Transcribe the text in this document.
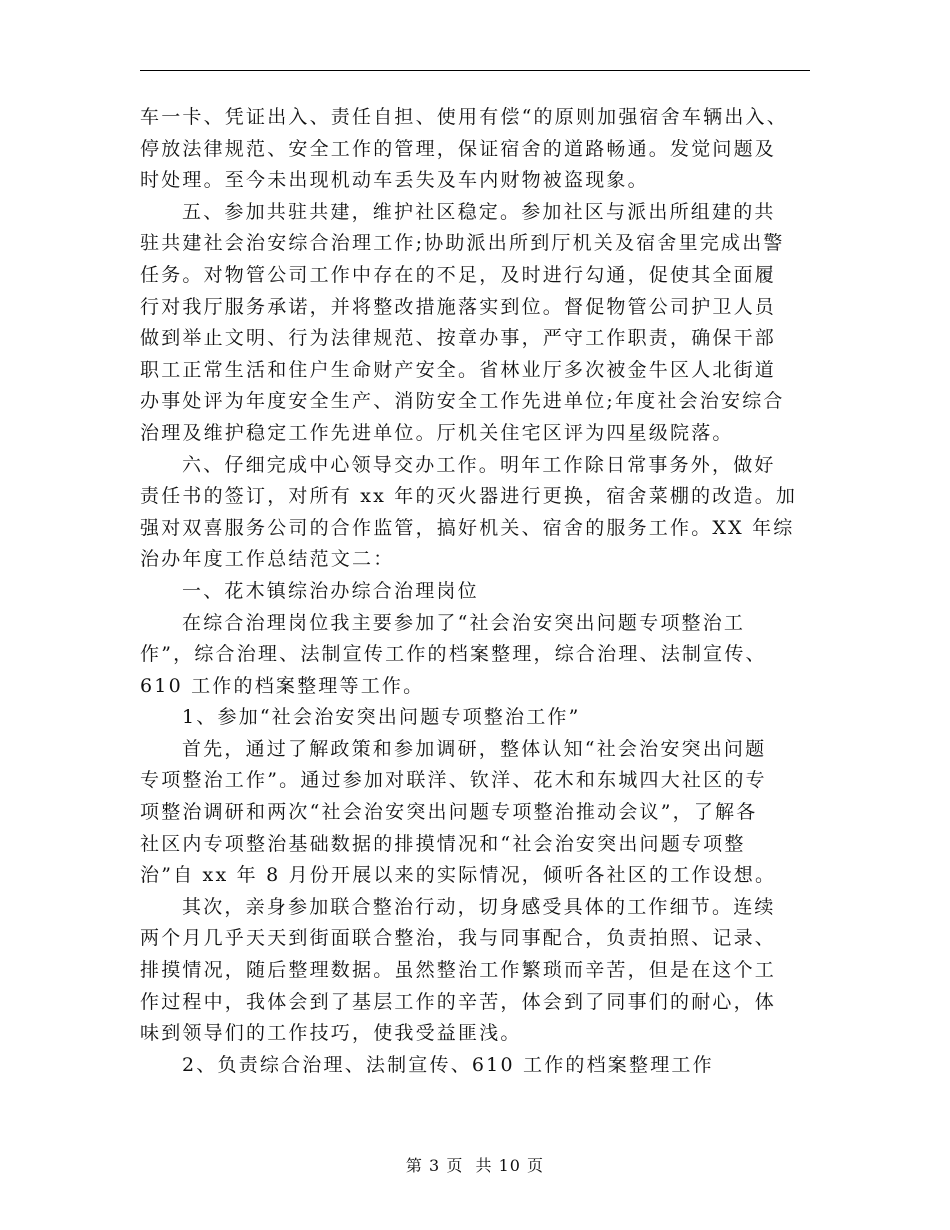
车一卡、凭证出入、责任自担、使用有偿“的原则加强宿舍车辆出入、
停放法律规范、安全工作的管理，保证宿舍的道路畅通。发觉问题及
时处理。至今未出现机动车丢失及车内财物被盗现象。
五、参加共驻共建，维护社区稳定。参加社区与派出所组建的共
驻共建社会治安综合治理工作;协助派出所到厅机关及宿舍里完成出警
任务。对物管公司工作中存在的不足，及时进行勾通，促使其全面履
行对我厅服务承诺，并将整改措施落实到位。督促物管公司护卫人员
做到举止文明、行为法律规范、按章办事，严守工作职责，确保干部
职工正常生活和住户生命财产安全。省林业厅多次被金牛区人北街道
办事处评为年度安全生产、消防安全工作先进单位;年度社会治安综合
治理及维护稳定工作先进单位。厅机关住宅区评为四星级院落。
六、仔细完成中心领导交办工作。明年工作除日常事务外，做好
责任书的签订，对所有 xx 年的灭火器进行更换，宿舍菜棚的改造。加
强对双喜服务公司的合作监管，搞好机关、宿舍的服务工作。XX 年综
治办年度工作总结范文二：
一、花木镇综治办综合治理岗位
在综合治理岗位我主要参加了“社会治安突出问题专项整治工
作”，综合治理、法制宣传工作的档案整理，综合治理、法制宣传、
610 工作的档案整理等工作。
1、参加“社会治安突出问题专项整治工作”
首先，通过了解政策和参加调研，整体认知“社会治安突出问题
专项整治工作”。通过参加对联洋、钦洋、花木和东城四大社区的专
项整治调研和两次“社会治安突出问题专项整治推动会议”，了解各
社区内专项整治基础数据的排摸情况和“社会治安突出问题专项整
治”自 xx 年 8 月份开展以来的实际情况，倾听各社区的工作设想。
其次，亲身参加联合整治行动，切身感受具体的工作细节。连续
两个月几乎天天到街面联合整治，我与同事配合，负责拍照、记录、
排摸情况，随后整理数据。虽然整治工作繁琐而辛苦，但是在这个工
作过程中，我体会到了基层工作的辛苦，体会到了同事们的耐心，体
味到领导们的工作技巧，使我受益匪浅。
2、负责综合治理、法制宣传、610 工作的档案整理工作
第 3 页  共 10 页
